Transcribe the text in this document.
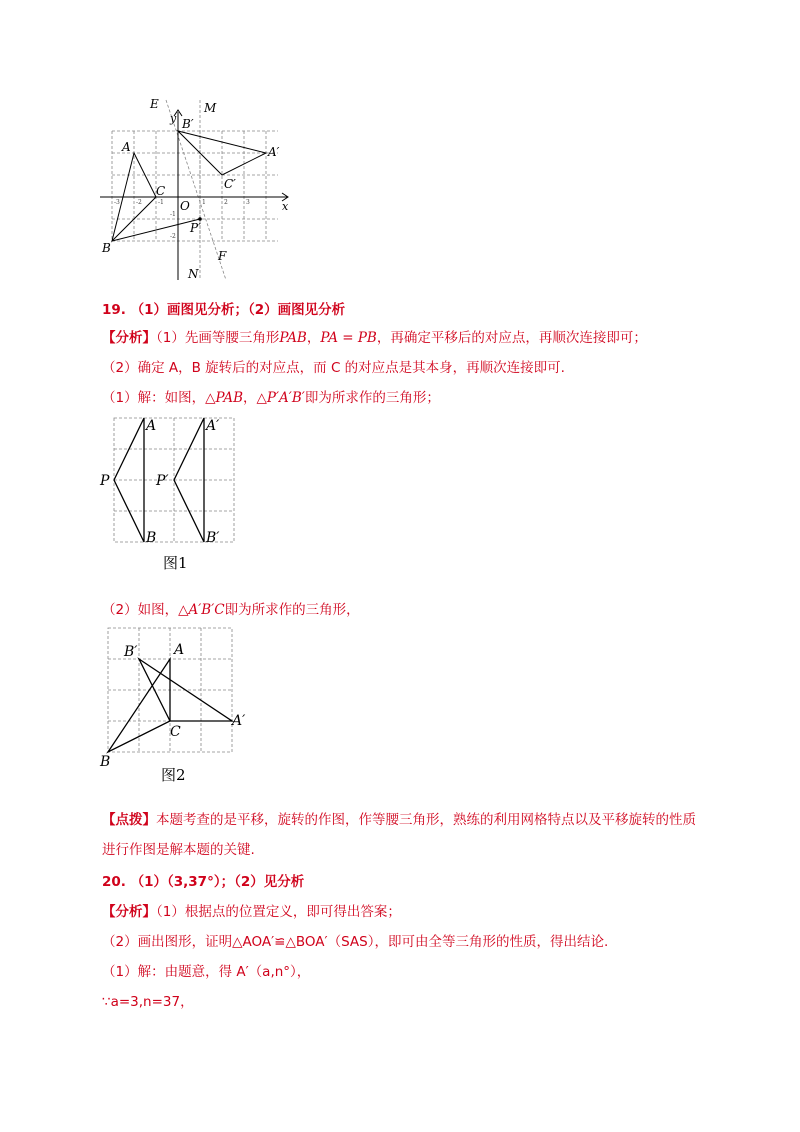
E
y
M
B′
A	A′
C′
C
O	x
P′
B
N
F
1	2	3
-1
-2
-1
-2
-3
19. （1）画图见分析；（2）画图见分析
【分析】（1）先画等腰三角形PAB，PA = PB，再确定平移后的对应点，再顺次连接即可；
（2）确定 A，B 旋转后的对应点，而 C 的对应点是其本身，再顺次连接即可.
（1）解：如图，△PAB，△P′A′B′即为所求作的三角形；
A
B
P
A′
B′
P′
图1
（2）如图，△A′B′C即为所求作的三角形，
B′	A
A′
C
B
图2
【点拨】本题考查的是平移，旋转的作图，作等腰三角形，熟练的利用网格特点以及平移旋转的性质
进行作图是解本题的关键.
20. （1）（3,37°）；（2）见分析
【分析】（1）根据点的位置定义，即可得出答案；
（2）画出图形，证明△AOA′≌△BOA′（SAS），即可由全等三角形的性质，得出结论.
（1）解：由题意，得 A′（a,n°），
∵a=3,n=37，
